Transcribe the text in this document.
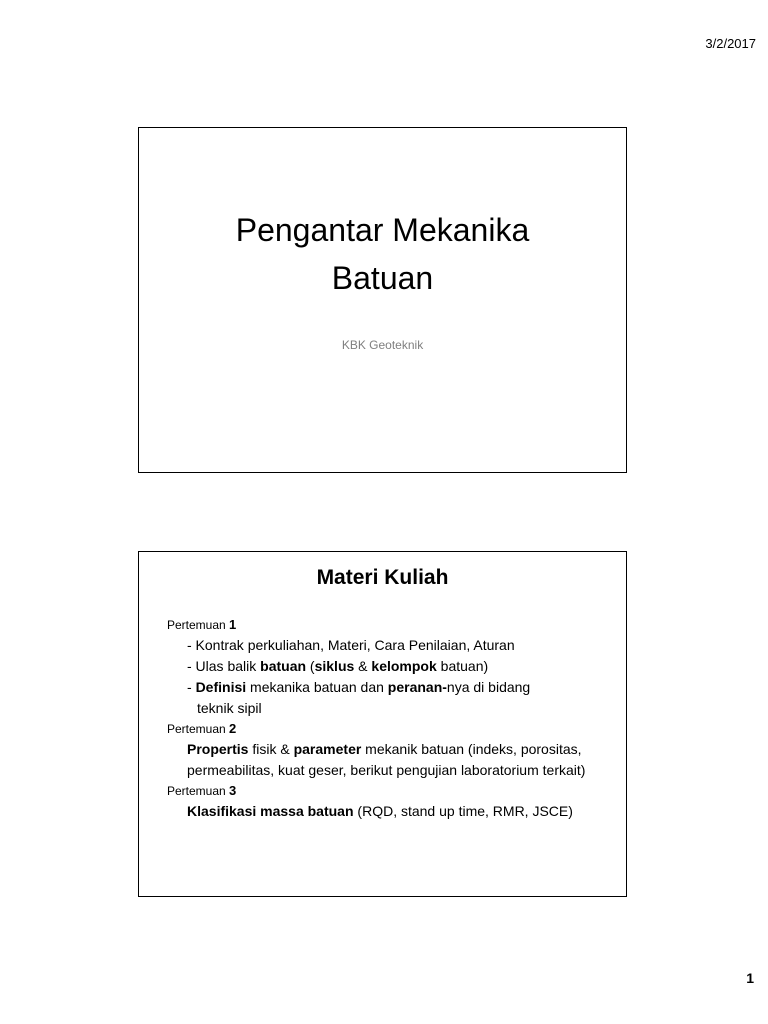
3/2/2017
Pengantar Mekanika
Batuan
KBK Geoteknik
Materi Kuliah
Pertemuan 1
- Kontrak perkuliahan, Materi, Cara Penilaian, Aturan
- Ulas balik batuan (siklus & kelompok batuan)
- Definisi mekanika batuan dan peranan-nya di bidang
teknik sipil
Pertemuan 2
Propertis fisik & parameter mekanik batuan (indeks, porositas, permeabilitas, kuat geser, berikut pengujian laboratorium terkait)
Pertemuan 3
Klasifikasi massa batuan (RQD, stand up time, RMR, JSCE)
1
